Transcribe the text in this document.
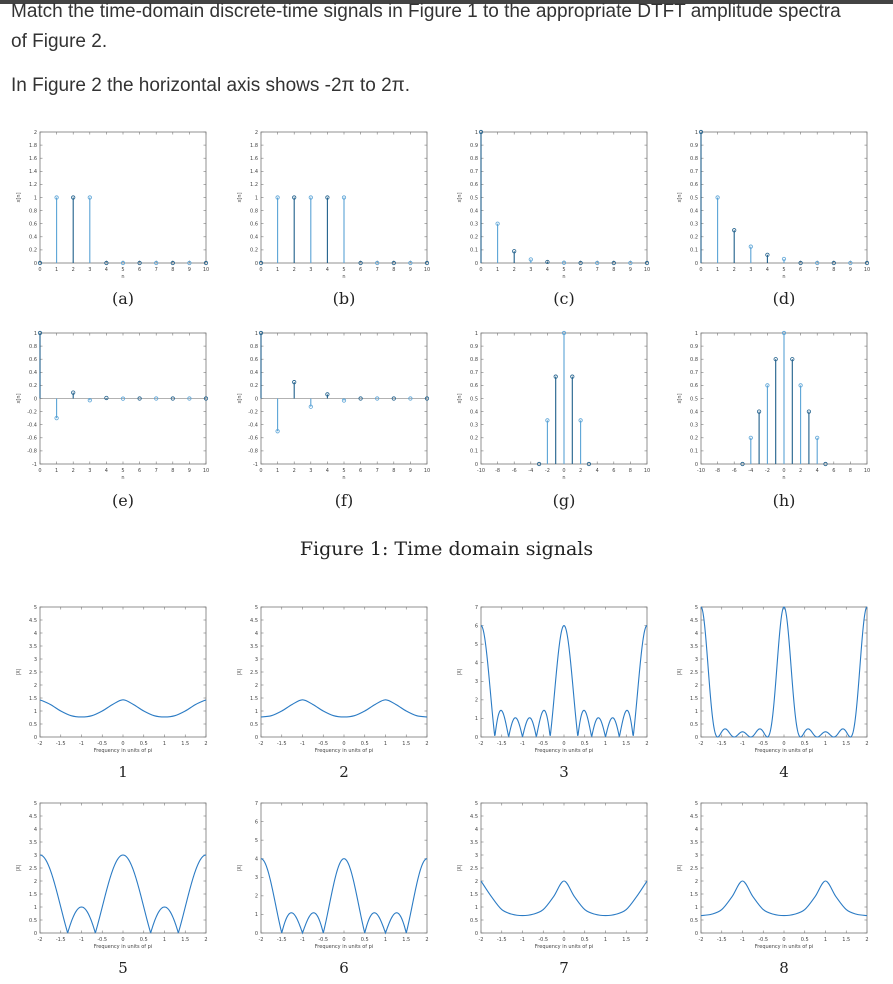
Match the time-domain discrete-time signals in Figure 1 to the appropriate DTFT amplitude spectra
of Figure 2.
In Figure 2 the horizontal axis shows -2π to 2π.
0	1	2	3	4	5	6	7	8	9 10
0
0.2
0.4
0.6
0.8
1
1.2
1.4
1.6
1.8
2
n
x[n]
(a)
0	1	2	3	4	5	6	7	8	9 10
0
0.2
0.4
0.6
0.8
1
1.2
1.4
1.6
1.8
2
n
x[n]
(b)
0	1	2	3	4	5	6	7	8	9 10
0
0.1
0.2
0.3
0.4
0.5
0.6
0.7
0.8
0.9
1
n
x[n]
(c)
0	1	2	3	4	5	6	7	8	9 10
0
0.1
0.2
0.3
0.4
0.5
0.6
0.7
0.8
0.9
1
n
x[n]
(d)
0	1	2	3	4	5	6	7	8	9 10
-1
-0.8
-0.6
-0.4
-0.2
0
0.2
0.4
0.6
0.8
1
n
x[n]
(e)
0	1	2	3	4	5	6	7	8	9 10
-1
-0.8
-0.6
-0.4
-0.2
0
0.2
0.4
0.6
0.8
1
n
x[n]
(f)
-10 -8 -6 -4 -2	0	2	4	6	8 10
0
0.1
0.2
0.3
0.4
0.5
0.6
0.7
0.8
0.9
1
n
x[n]
(g)
-10 -8 -6 -4 -2	0	2	4	6	8 10
0
0.1
0.2
0.3
0.4
0.5
0.6
0.7
0.8
0.9
1
n
x[n]
(h)
-2	-1.5	-1	-0.5	0	0.5	1	1.5	2
0
0.5
1
1.5
2
2.5
3
3.5
4
4.5
5
Frequency in units of pi
|X|
1
-2	-1.5	-1	-0.5	0	0.5	1	1.5	2
0
0.5
1
1.5
2
2.5
3
3.5
4
4.5
5
Frequency in units of pi
|X|
2
-2	-1.5	-1	-0.5	0	0.5	1	1.5	2
0
1
2
3
4
5
6
7
Frequency in units of pi
|X|
3
-2	-1.5	-1	-0.5	0	0.5	1	1.5	2
0
0.5
1
1.5
2
2.5
3
3.5
4
4.5
5
Frequency in units of pi
|X|
4
-2	-1.5	-1	-0.5	0	0.5	1	1.5	2
0
0.5
1
1.5
2
2.5
3
3.5
4
4.5
5
Frequency in units of pi
|X|
5
-2	-1.5	-1	-0.5	0	0.5	1	1.5	2
0
1
2
3
4
5
6
7
Frequency in units of pi
|X|
6
-2	-1.5	-1	-0.5	0	0.5	1	1.5	2
0
0.5
1
1.5
2
2.5
3
3.5
4
4.5
5
Frequency in units of pi
|X|
7
-2	-1.5	-1	-0.5	0	0.5	1	1.5	2
0
0.5
1
1.5
2
2.5
3
3.5
4
4.5
5
Frequency in units of pi
|X|
8
Figure 1: Time domain signals
